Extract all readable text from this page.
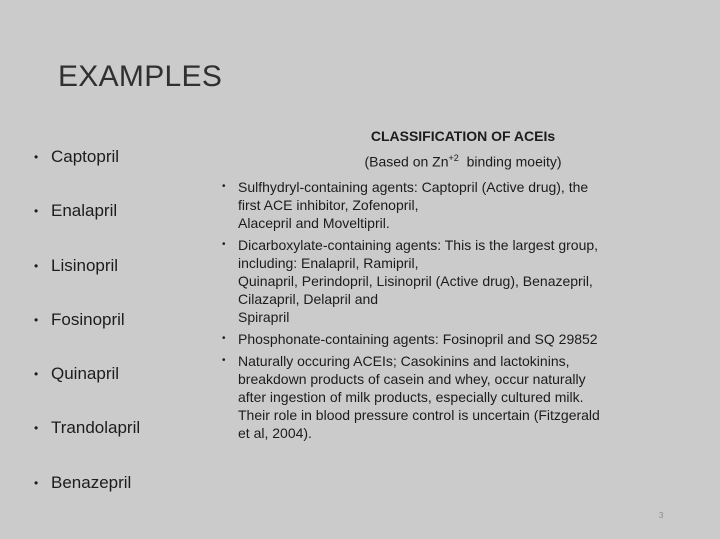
EXAMPLES
• Captopril
• Enalapril
• Lisinopril
• Fosinopril
• Quinapril
• Trandolapril
• Benazepril
CLASSIFICATION OF ACEIs
(Based on $Zn^{+2}$  binding moeity)
• Sulfhydryl-containing agents: Captopril (Active drug), the
first ACE inhibitor, Zofenopril,
Alacepril and Moveltipril.
• Dicarboxylate-containing agents: This is the largest group,
including: Enalapril, Ramipril,
Quinapril, Perindopril, Lisinopril (Active drug), Benazepril,
Cilazapril, Delapril and
Spirapril
• Phosphonate-containing agents: Fosinopril and SQ 29852
• Naturally occuring ACEIs; Casokinins and lactokinins,
breakdown products of casein and whey, occur naturally
after ingestion of milk products, especially cultured milk.
Their role in blood pressure control is uncertain (Fitzgerald
et al, 2004).
3
